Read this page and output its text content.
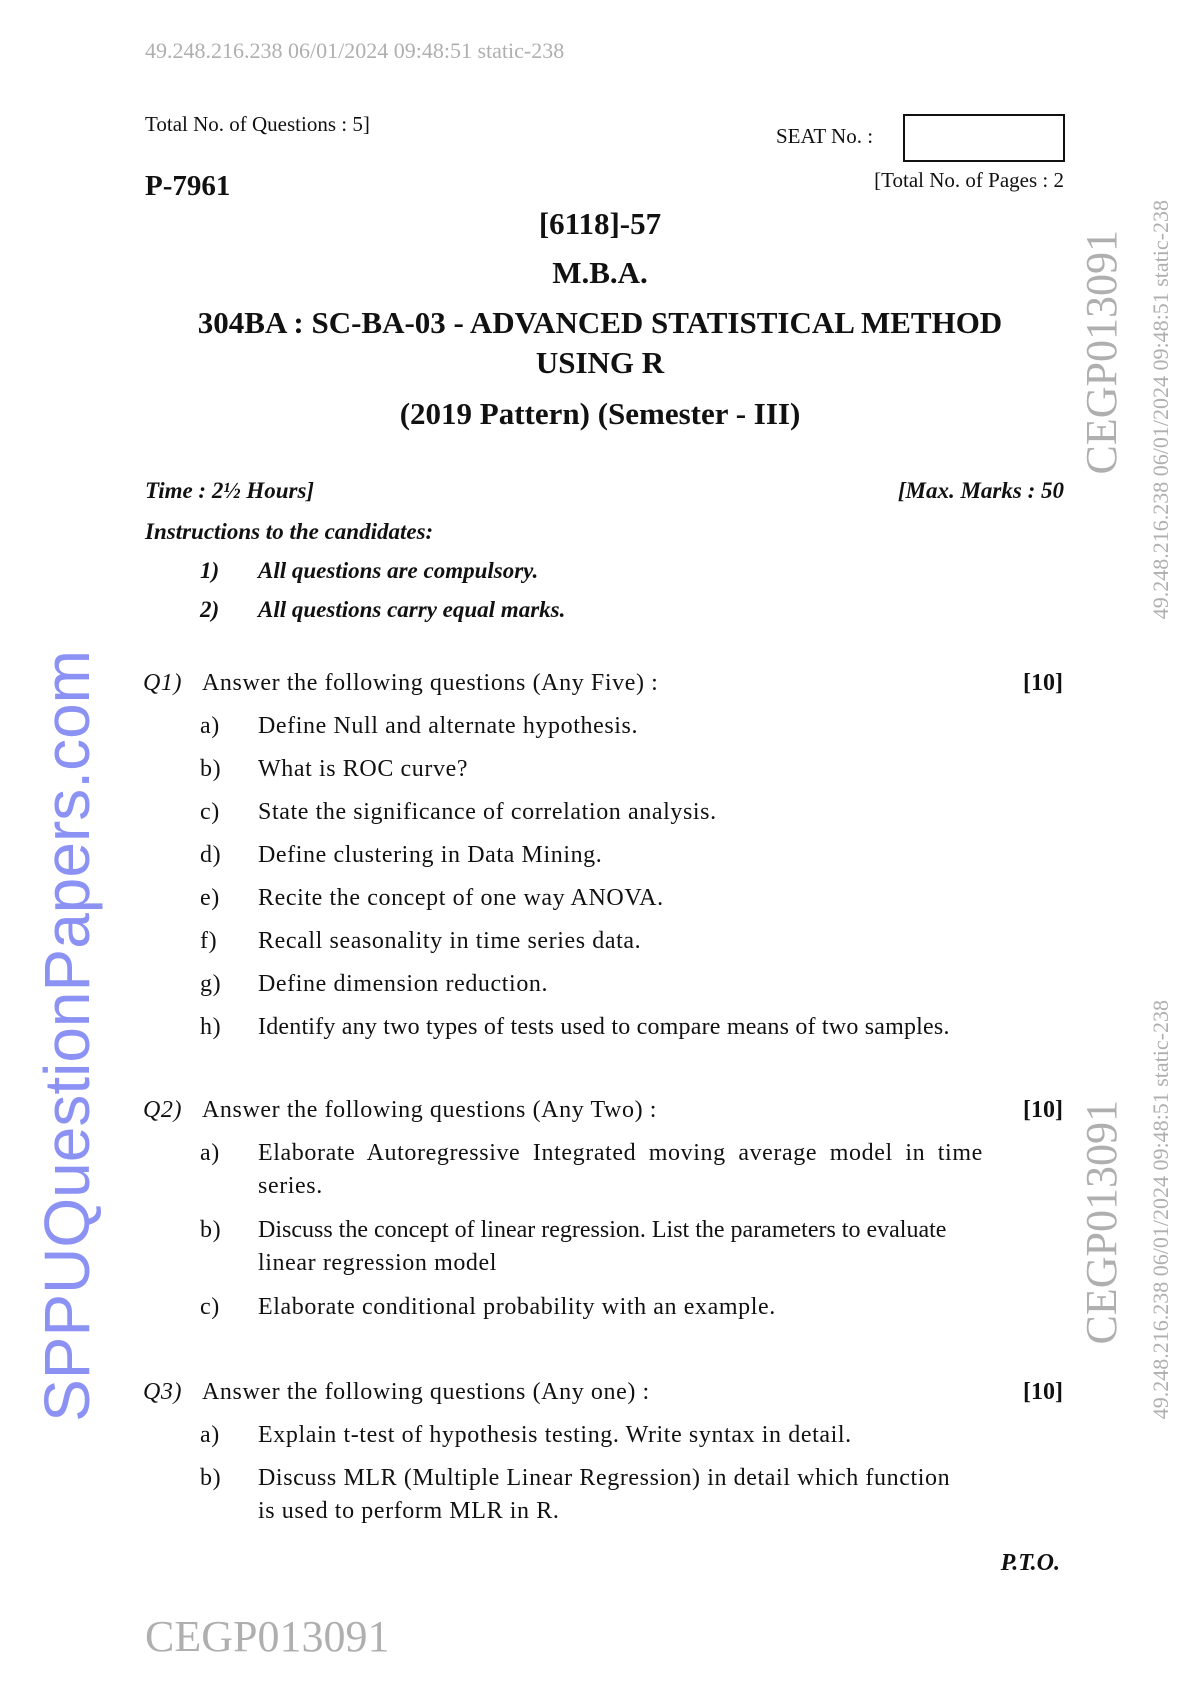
Total No. of Questions : 5]	SEAT No. :
P-7961	[Total No. of Pages : 2
[6118]-57
M.B.A.
304BA : SC-BA-03 - ADVANCED STATISTICAL METHOD
USING R
(2019 Pattern) (Semester - III)
Time : 2½ Hours]	[Max. Marks : 50
Instructions to the candidates:
1) All questions are compulsory.
2) All questions carry equal marks.
Q1) Answer the following questions (Any Five) :	[10]
a) Define Null and alternate hypothesis.
b) What is ROC curve?
c) State the significance of correlation analysis.
d) Define clustering in Data Mining.
e) Recite the concept of one way ANOVA.
f) Recall seasonality in time series data.
g) Define dimension reduction.
h) Identify any two types of tests used to compare means of two samples.
Q2) Answer the following questions (Any Two) :	[10]
a) Elaborate Autoregressive Integrated moving average model in time
series.
b) Discuss the concept of linear regression. List the parameters to evaluate
linear regression model
c) Elaborate conditional probability with an example.
Q3) Answer the following questions (Any one) :	[10]
a) Explain t-test of hypothesis testing. Write syntax in detail.
b) Discuss MLR (Multiple Linear Regression) in detail which function
is used to perform MLR in R.
P.T.O.
49.248.216.238 06/01/2024 09:48:51 static-238
CEGP013091 49.248.216.238 06/01/2024 09:48:51 static-238
CEGP013091 49.248.216.238 06/01/2024 09:48:51 static-238
CEGP013091
SPPUQuestionPapers.com
